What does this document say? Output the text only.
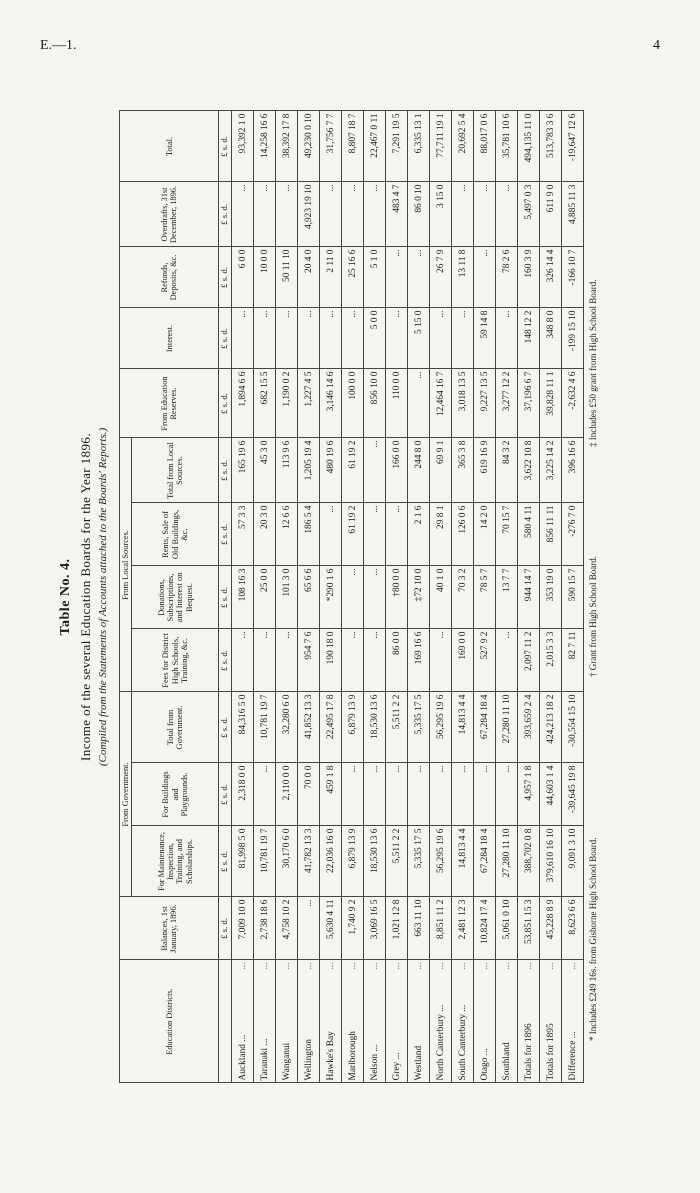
E.—1.	4
Table No. 4. Income of the several Education Boards for the Year 1896. (Compiled from the Statements of Accounts attached to the Boards' Reports.)
Education Districts.		Balances, 1st January, 1896.	From Government.			From Local Sources.				From Education Reserves.	Interest.	Refunds, Deposits, &c.	Overdrafts, 31st December, 1896.	Total.
			For Maintenance, Inspection, Training, and Scholarships.	For Buildings and Playgrounds.	Total from Government.	Fees for District High Schools, Training, &c.	Donations, Subscriptions, and Interest on Bequest.	Rents, Sale of Old Buildings, &c.	Total from Local Sources.					
		£ s. d.	£ s. d.	£ s. d.	£ s. d.	£ s. d.	£ s. d.	£ s. d.	£ s. d.	£ s. d.	£ s. d.	£ s. d.	£ s. d.	£ s. d.
Auckland ...	...	7,009 10 0	81,998 5 0	2,318 0 0	84,316 5 0	...	108 16 3	57 3 3	165 19 6	1,894 6 6	...	6 0 0	...	93,392 1 0
Taranaki ...	...	2,738 18 6	10,781 19 7	...	10,781 19 7	...	25 0 0	20 3 0	45 3 0	682 15 5	...	10 0 0	...	14,258 16 6
Wanganui	...	4,758 10 2	30,170 6 0	2,110 0 0	32,280 6 0	...	101 3 0	12 6 6	113 9 6	1,190 0 2	...	50 11 10	...	38,392 17 8
Wellington	...	...	41,782 13 3	70 0 0	41,852 13 3	954 7 6	65 6 6	186 5 4	1,205 19 4	1,227 4 5	...	20 4 0	4,923 19 10	49,230 0 10
Hawke's Bay	...	5,630 4 11	22,036 16 0	459 1 8	22,495 17 8	190 18 0	*290 1 6	...	480 19 6	3,146 14 6	...	2 11 0	...	31,756 7 7
Marlborough	...	1,740 9 2	6,879 13 9	...	6,879 13 9	...	...	61 19 2	61 19 2	100 0 0	...	25 16 6	...	8,807 18 7
Nelson ...	...	3,069 16 5	18,530 13 6	...	18,530 13 6	...	...	...	...	856 10 0	5 0 0	5 1 0	...	22,467 0 11
Grey ...	...	1,021 12 8	5,511 2 2	...	5,511 2 2	86 0 0	†80 0 0	...	166 0 0	110 0 0	...	...	483 4 7	7,291 19 5
Westland	...	663 11 10	5,335 17 5	...	5,335 17 5	169 16 6	‡72 10 0	2 1 6	244 8 0	...	5 15 0	...	86 0 10	6,335 13 1
North Canterbury ...	...	8,851 11 2	56,295 19 6	...	56,295 19 6	...	40 1 0	29 8 1	69 9 1	12,464 16 7	...	26 7 9	3 15 0	77,711 19 1
South Canterbury ...	...	2,481 12 3	14,813 4 4	...	14,813 4 4	169 0 0	70 3 2	126 0 6	365 3 8	3,018 13 5	...	13 11 8	...	20,692 5 4
Otago ...	...	10,824 17 4	67,284 18 4	...	67,284 18 4	527 9 2	78 5 7	14 2 0	619 16 9	9,227 13 5	59 14 8	...	...	88,017 0 6
Southland	...	5,061 0 10	27,280 11 10	...	27,280 11 10	...	13 7 7	70 15 7	84 3 2	3,277 12 2	...	78 2 6	...	35,781 10 6
Totals for 1896	...	53,851 15 3	388,702 0 8	4,957 1 8	393,659 2 4	2,097 11 2	944 14 7	580 4 11	3,622 10 8	37,196 6 7	148 12 2	160 3 9	5,497 0 3	494,135 11 0
Totals for 1895	...	45,228 8 9	379,610 16 10	44,603 1 4	424,213 18 2	2,015 3 3	353 19 0	856 11 11	3,225 14 2	39,828 11 1	348 8 0	326 14 4	611 9 0	513,783 3 6
Difference ...	...	8,623 6 6	9,091 3 10	-39,645 19 8	-30,554 15 10	82 7 11	590 15 7	-276 7 0	396 16 6	-2,632 4 6	-199 15 10	-166 10 7	4,885 11 3	-19,647 12 6
* Includes £249 16s. from Gisborne High School Board.
† Grant from High School Board.
‡ Includes £50 grant from High School Board.
